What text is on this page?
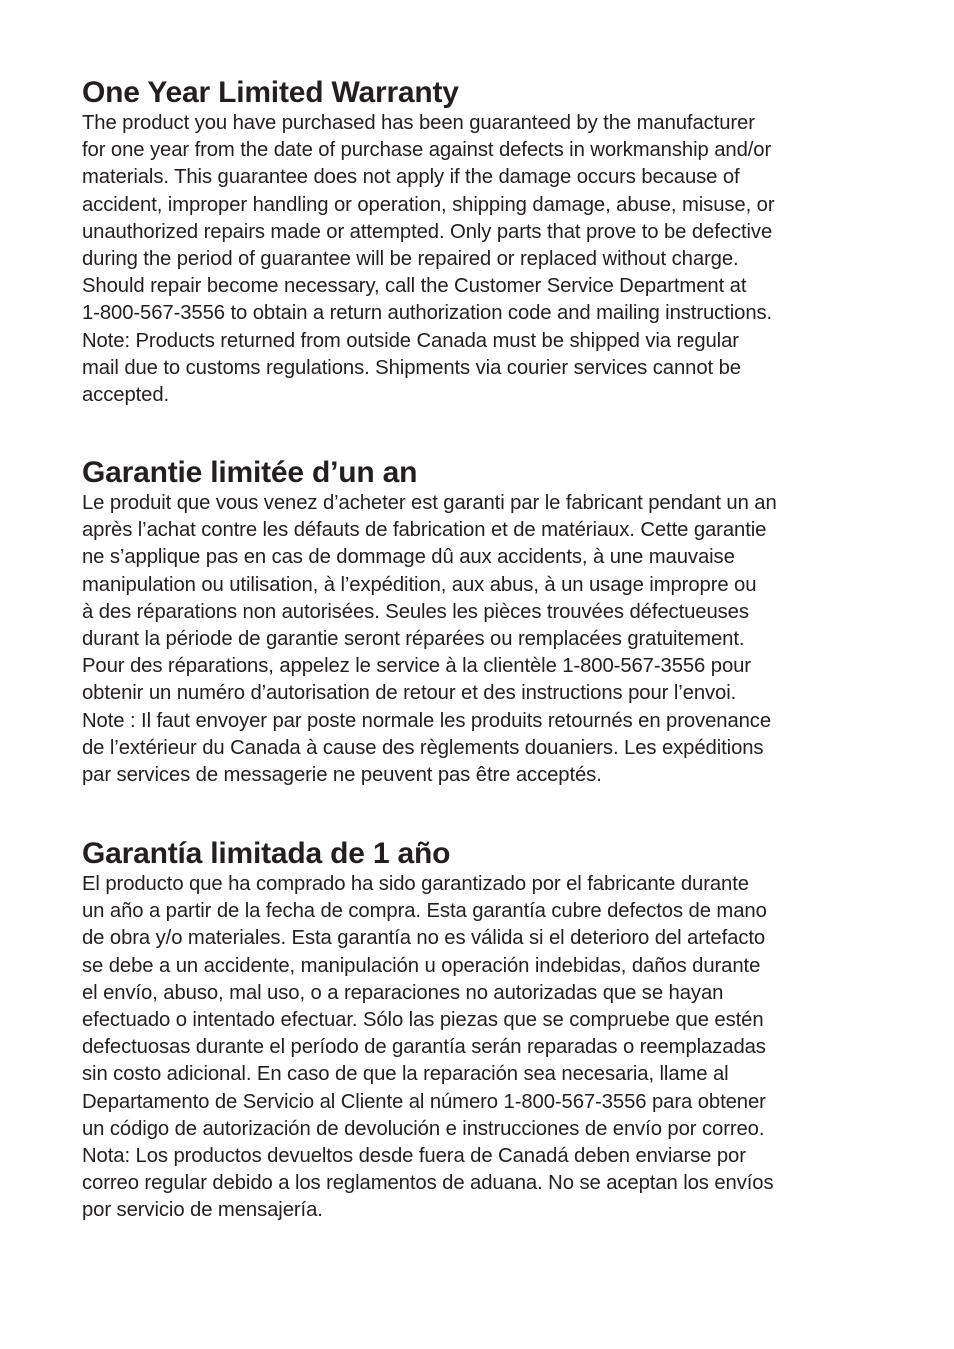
One Year Limited Warranty
The product you have purchased has been guaranteed by the manufacturer
for one year from the date of purchase against defects in workmanship and/or
materials. This guarantee does not apply if the damage occurs because of
accident, improper handling or operation, shipping damage, abuse, misuse, or
unauthorized repairs made or attempted. Only parts that prove to be defective
during the period of guarantee will be repaired or replaced without charge.
Should repair become necessary, call the Customer Service Department at
1-800-567-3556 to obtain a return authorization code and mailing instructions.
Note: Products returned from outside Canada must be shipped via regular
mail due to customs regulations. Shipments via courier services cannot be
accepted.
Garantie limitée d’un an
Le produit que vous venez d’acheter est garanti par le fabricant pendant un an
après l’achat contre les défauts de fabrication et de matériaux. Cette garantie
ne s’applique pas en cas de dommage dû aux accidents, à une mauvaise
manipulation ou utilisation, à l’expédition, aux abus, à un usage impropre ou
à des réparations non autorisées. Seules les pièces trouvées défectueuses
durant la période de garantie seront réparées ou remplacées gratuitement.
Pour des réparations, appelez le service à la clientèle 1-800-567-3556 pour
obtenir un numéro d’autorisation de retour et des instructions pour l’envoi.
Note : Il faut envoyer par poste normale les produits retournés en provenance
de l’extérieur du Canada à cause des règlements douaniers. Les expéditions
par services de messagerie ne peuvent pas être acceptés.
Garantía limitada de 1 año
El producto que ha comprado ha sido garantizado por el fabricante durante
un año a partir de la fecha de compra. Esta garantía cubre defectos de mano
de obra y/o materiales. Esta garantía no es válida si el deterioro del artefacto
se debe a un accidente, manipulación u operación indebidas, daños durante
el envío, abuso, mal uso, o a reparaciones no autorizadas que se hayan
efectuado o intentado efectuar. Sólo las piezas que se compruebe que estén
defectuosas durante el período de garantía serán reparadas o reemplazadas
sin costo adicional. En caso de que la reparación sea necesaria, llame al
Departamento de Servicio al Cliente al número 1-800-567-3556 para obtener
un código de autorización de devolución e instrucciones de envío por correo.
Nota: Los productos devueltos desde fuera de Canadá deben enviarse por
correo regular debido a los reglamentos de aduana. No se aceptan los envíos
por servicio de mensajería.
